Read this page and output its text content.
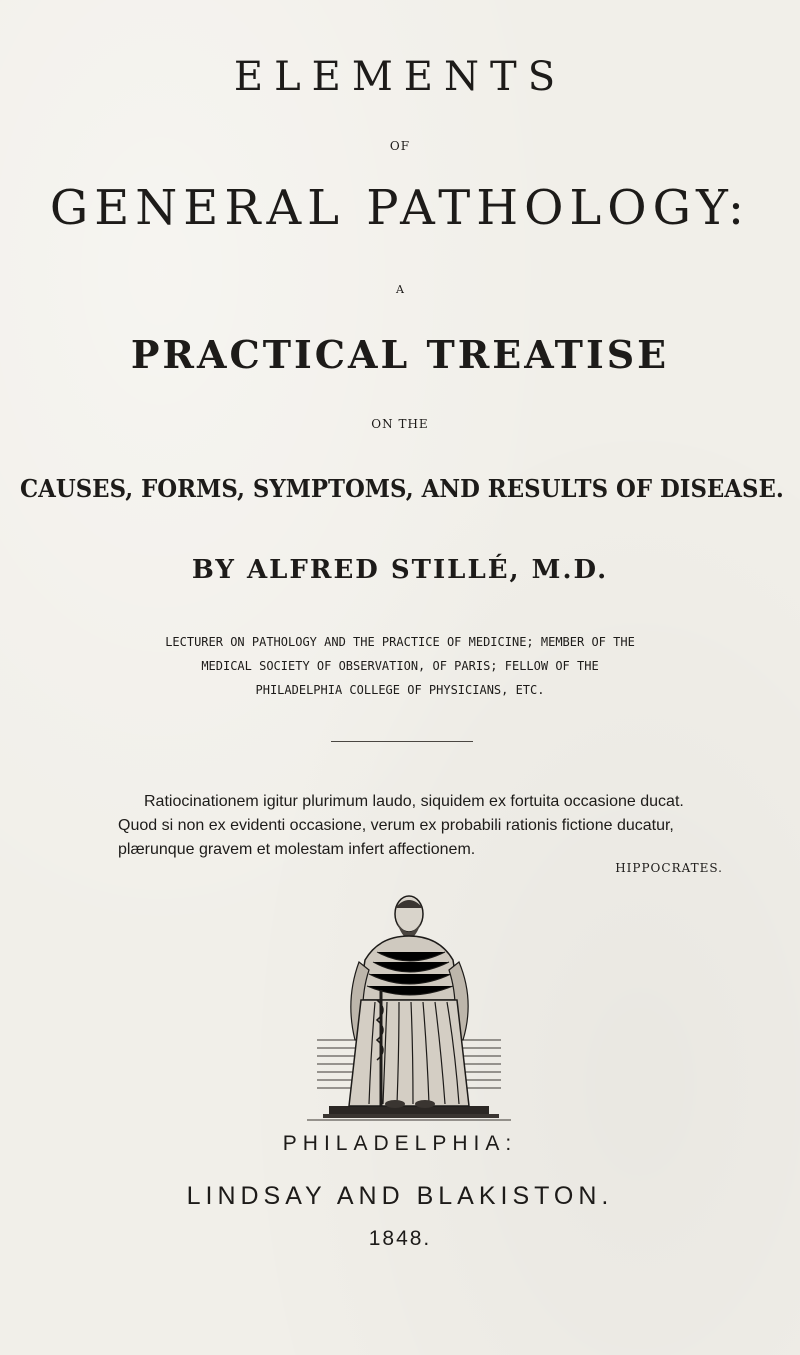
ELEMENTS
OF
GENERAL PATHOLOGY:
A
PRACTICAL TREATISE
ON THE
CAUSES, FORMS, SYMPTOMS, AND RESULTS OF DISEASE.
BY ALFRED STILLÉ, M.D.
LECTURER ON PATHOLOGY AND THE PRACTICE OF MEDICINE; MEMBER OF THE
MEDICAL SOCIETY OF OBSERVATION, OF PARIS; FELLOW OF THE
PHILADELPHIA COLLEGE OF PHYSICIANS, ETC.
Ratiocinationem igitur plurimum laudo, siquidem ex fortuita occasione ducat.
Quod si non ex evidenti occasione, verum ex probabili rationis fictione ducatur,
plærunque gravem et molestam infert affectionem.
HIPPOCRATES.
PHILADELPHIA:
LINDSAY AND BLAKISTON.
1848.
